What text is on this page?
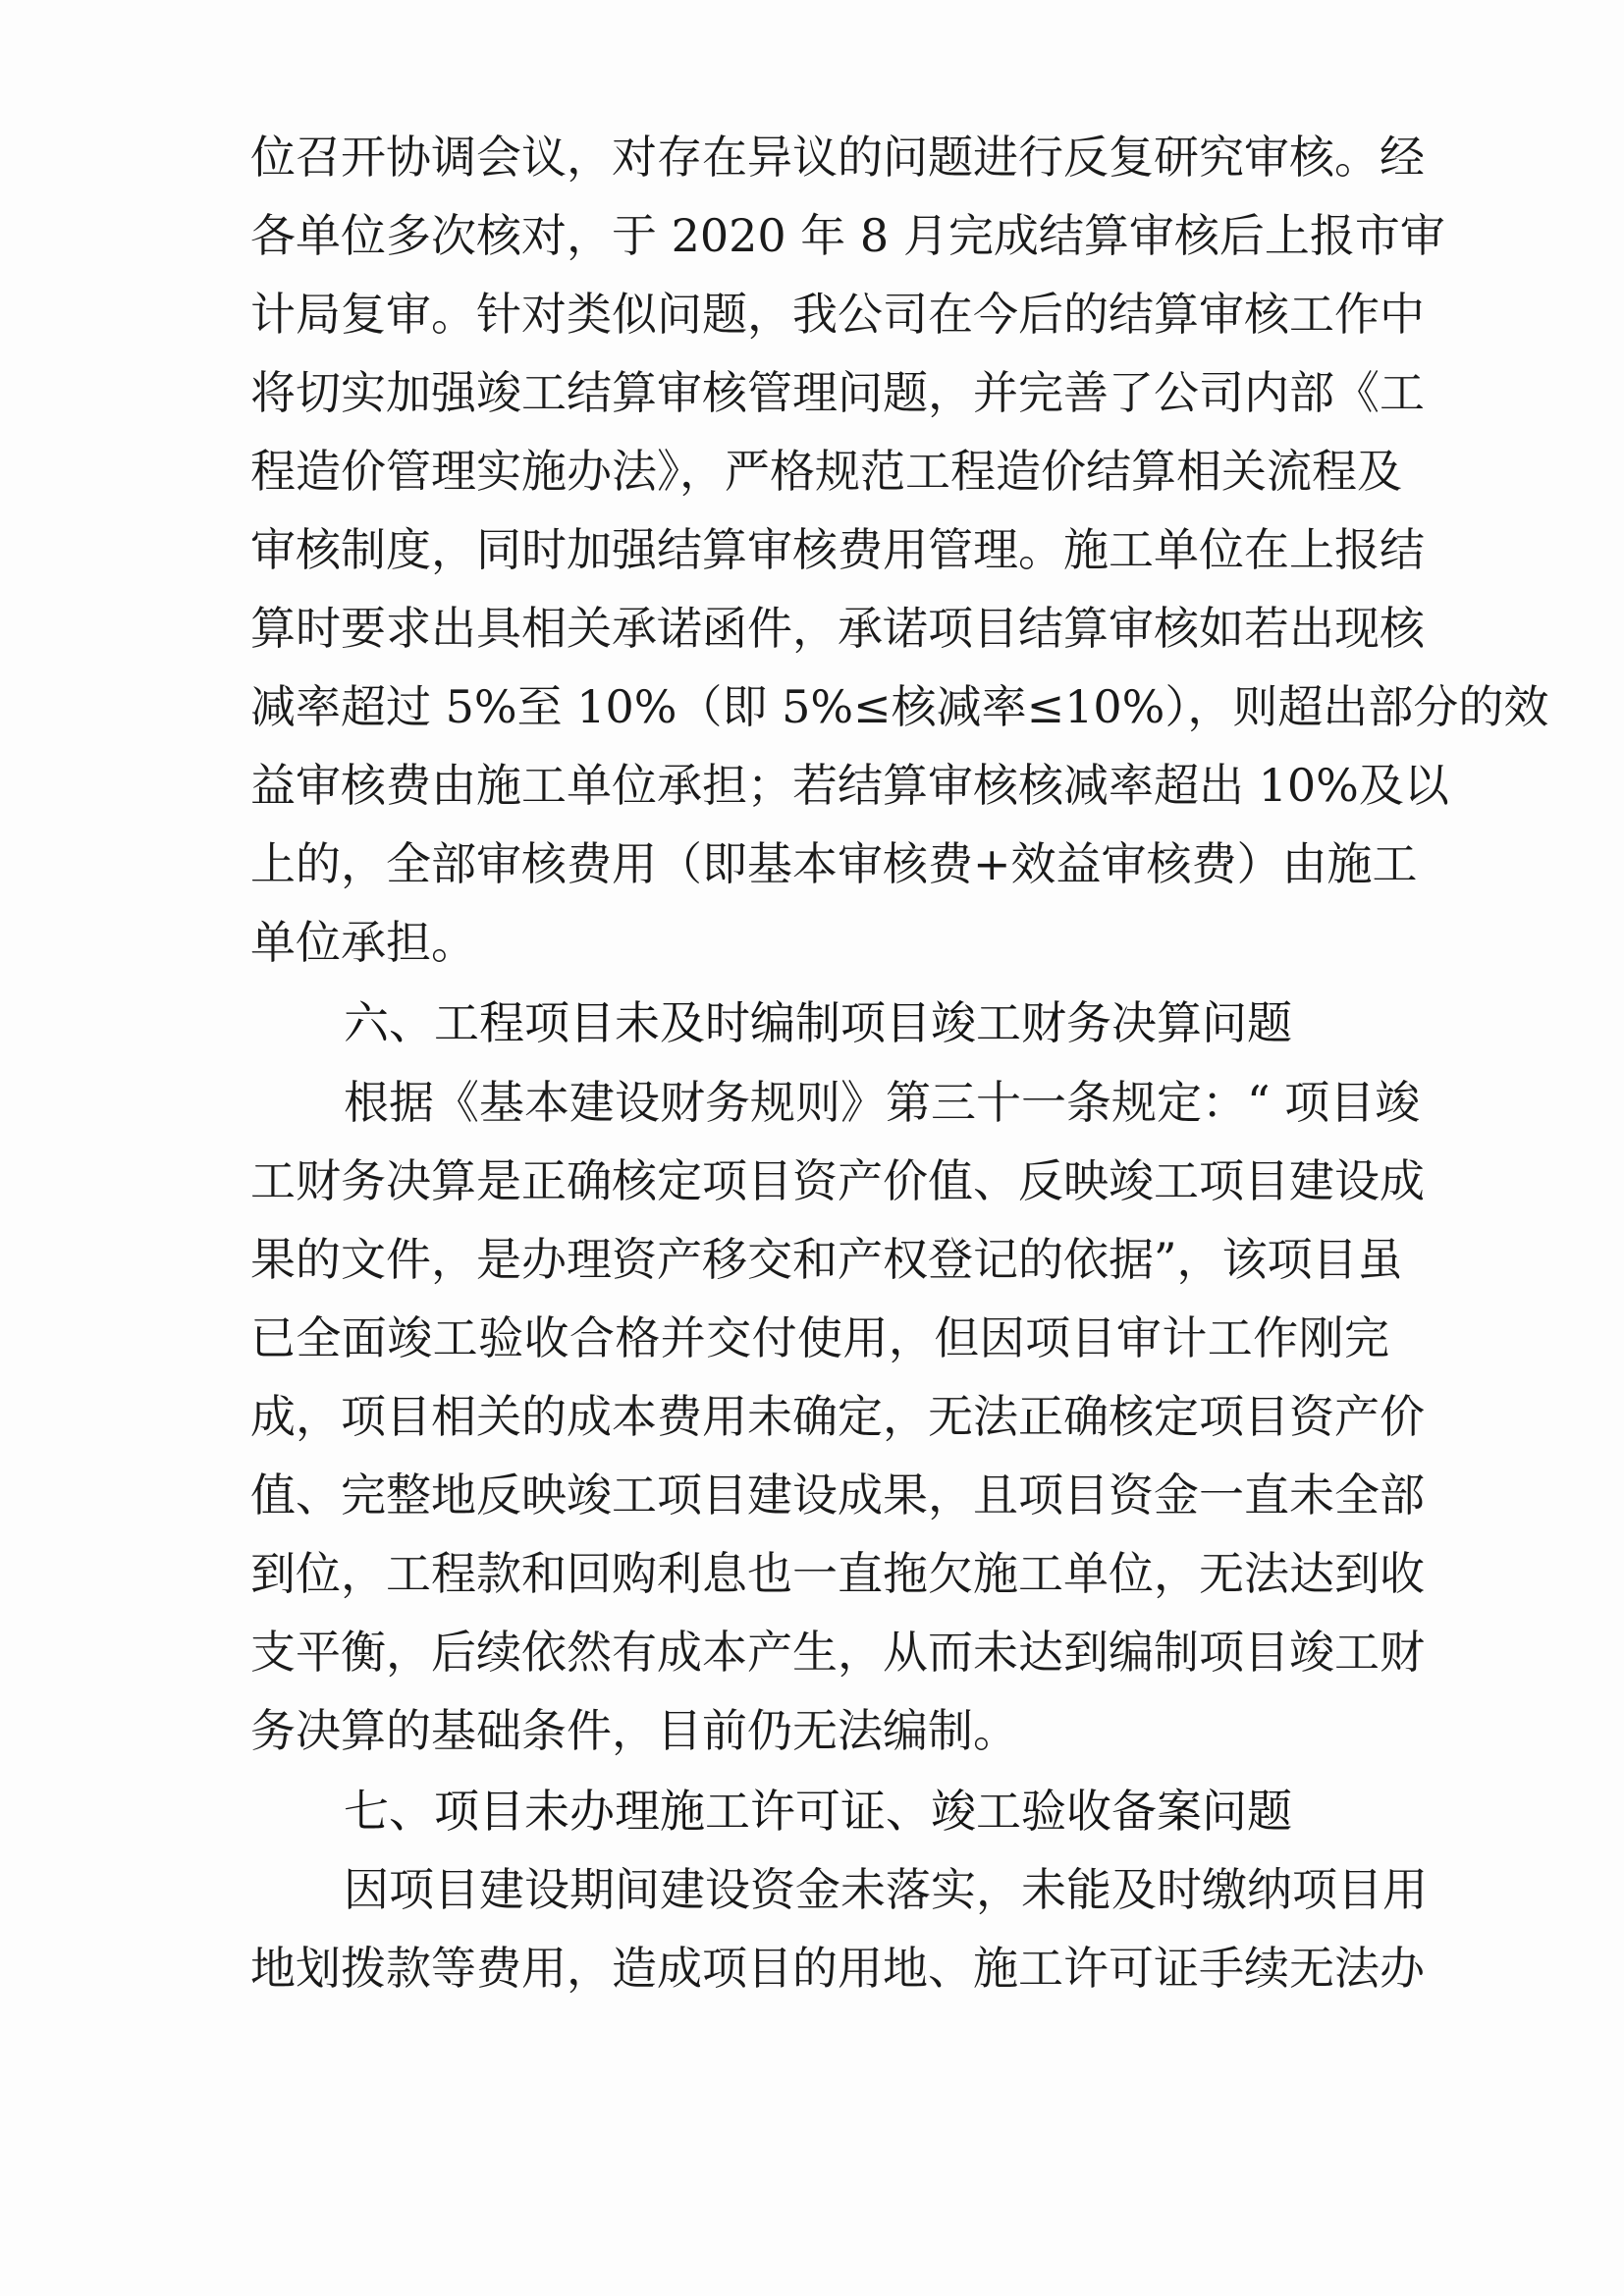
位召开协调会议，对存在异议的问题进行反复研究审核。经
各单位多次核对，于 2020 年 8 月完成结算审核后上报市审
计局复审。针对类似问题，我公司在今后的结算审核工作中
将切实加强竣工结算审核管理问题，并完善了公司内部《工
程造价管理实施办法》，严格规范工程造价结算相关流程及
审核制度，同时加强结算审核费用管理。施工单位在上报结
算时要求出具相关承诺函件，承诺项目结算审核如若出现核
减率超过 5%至 10%（即 5%≤核减率≤10%），则超出部分的效
益审核费由施工单位承担；若结算审核核减率超出 10%及以
上的，全部审核费用（即基本审核费+效益审核费）由施工
单位承担。
六、工程项目未及时编制项目竣工财务决算问题
根据《基本建设财务规则》第三十一条规定：“ 项目竣
工财务决算是正确核定项目资产价值、反映竣工项目建设成
果的文件，是办理资产移交和产权登记的依据”，该项目虽
已全面竣工验收合格并交付使用，但因项目审计工作刚完
成，项目相关的成本费用未确定，无法正确核定项目资产价
值、完整地反映竣工项目建设成果，且项目资金一直未全部
到位，工程款和回购利息也一直拖欠施工单位，无法达到收
支平衡，后续依然有成本产生，从而未达到编制项目竣工财
务决算的基础条件，目前仍无法编制。
七、项目未办理施工许可证、竣工验收备案问题
因项目建设期间建设资金未落实，未能及时缴纳项目用
地划拨款等费用，造成项目的用地、施工许可证手续无法办
